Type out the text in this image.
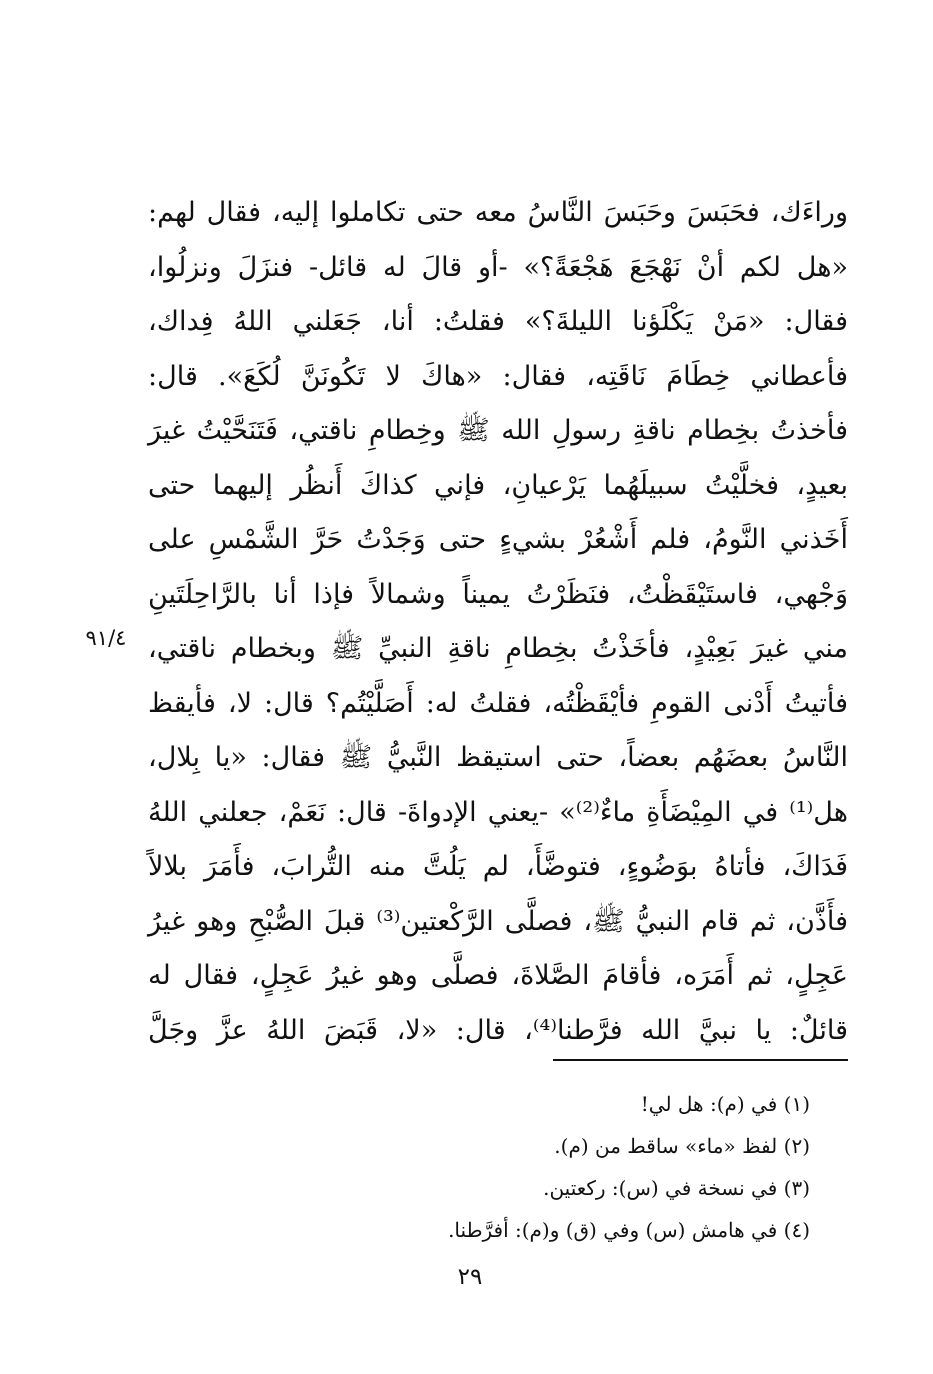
وراءَك، فحَبَسَ وحَبَسَ النَّاسُ معه حتى تكاملوا إليه، فقال لهم:
«هل لكم أنْ نَهْجَعَ هَجْعَةً؟» -أو قالَ له قائل- فنزَلَ ونزلُوا،
فقال: «مَنْ يَكْلَؤنا الليلةَ؟» فقلتُ: أنا، جَعَلني اللهُ فِداك،
فأعطاني خِطَامَ نَاقَتِه، فقال: «هاكَ لا تَكُونَنَّ لُكَعَ». قال:
فأخذتُ بخِطام ناقةِ رسولِ الله ﷺ وخِطامِ ناقتي، فَتَنَحَّيْتُ غيرَ
بعيدٍ، فخلَّيْتُ سبيلَهُما يَرْعيانِ، فإني كذاكَ أَنظُر إليهما حتى
أَخَذني النَّومُ، فلم أَشْعُرْ بشيءٍ حتى وَجَدْتُ حَرَّ الشَّمْسِ على
وَجْهي، فاستَيْقَظْتُ، فنَظَرْتُ يميناً وشمالاً فإذا أنا بالرَّاحِلَتَينِ
مني غيرَ بَعِيْدٍ، فأخَذْتُ بخِطامِ ناقةِ النبيِّ ﷺ وبخطام ناقتي،
فأتيتُ أَدْنى القومِ فأيْقَظْتُه، فقلتُ له: أَصَلَّيْتُم؟ قال: لا، فأيقظ
النَّاسُ بعضَهُم بعضاً، حتى استيقظ النَّبيُّ ﷺ فقال: «يا بِلال،
هل⁽¹⁾ في المِيْضَأَةِ ماءٌ⁽²⁾» -يعني الإدواةَ- قال: نَعَمْ، جعلني اللهُ
فَدَاكَ، فأتاهُ بوَضُوءٍ، فتوضَّأَ، لم يَلُتَّ منه التُّرابَ، فأَمَرَ بلالاً
فأَذَّن، ثم قام النبيُّ ﷺ، فصلَّى الرَّكْعتين⁽³⁾ قبلَ الصُّبْحِ وهو غيرُ
عَجِلٍ، ثم أَمَرَه، فأقامَ الصَّلاةَ، فصلَّى وهو غيرُ عَجِلٍ، فقال له
قائلٌ: يا نبيَّ الله فرَّطنا⁽⁴⁾، قال: «لا، قَبَضَ اللهُ عزَّ وجَلَّ
٩١/٤
(١) في (م): هل لي!
(٢) لفظ «ماء» ساقط من (م).
(٣) في نسخة في (س): ركعتين.
(٤) في هامش (س) وفي (ق) و(م): أفرَّطنا.
٢٩
